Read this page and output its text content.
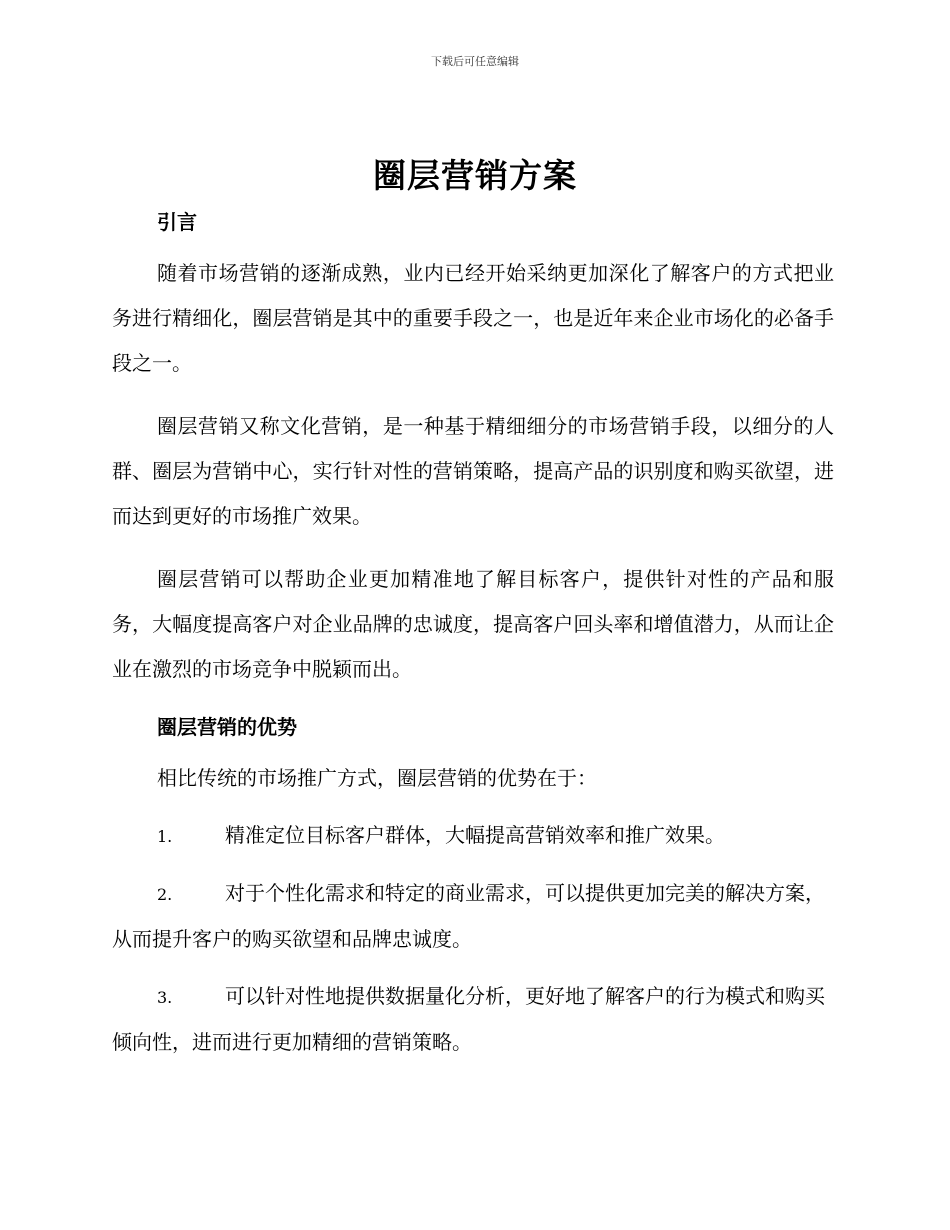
下载后可任意编辑
圈层营销方案

引言

随着市场营销的逐渐成熟，业内已经开始采纳更加深化了解客户的方式把业务进行精细化，圈层营销是其中的重要手段之一，也是近年来企业市场化的必备手段之一。

圈层营销又称文化营销，是一种基于精细细分的市场营销手段，以细分的人群、圈层为营销中心，实行针对性的营销策略，提高产品的识别度和购买欲望，进而达到更好的市场推广效果。

圈层营销可以帮助企业更加精准地了解目标客户，提供针对性的产品和服务，大幅度提高客户对企业品牌的忠诚度，提高客户回头率和增值潜力，从而让企业在激烈的市场竞争中脱颖而出。

圈层营销的优势

相比传统的市场推广方式，圈层营销的优势在于：

1.	精准定位目标客户群体，大幅提高营销效率和推广效果。

2.	对于个性化需求和特定的商业需求，可以提供更加完美的解决方案，从而提升客户的购买欲望和品牌忠诚度。

3.	可以针对性地提供数据量化分析，更好地了解客户的行为模式和购买倾向性，进而进行更加精细的营销策略。
